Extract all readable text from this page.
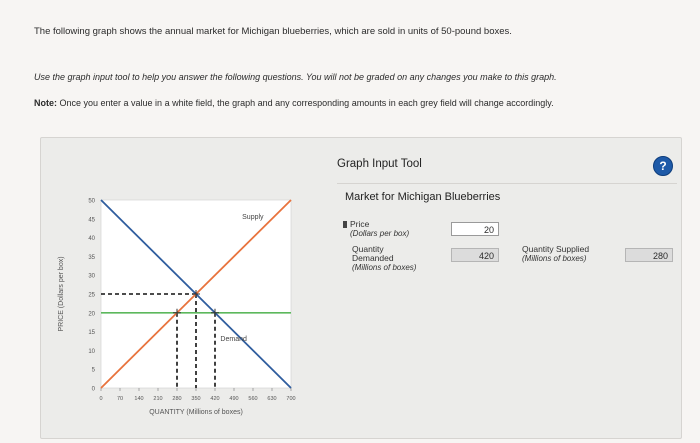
The following graph shows the annual market for Michigan blueberries, which are sold in units of 50-pound boxes.
Use the graph input tool to help you answer the following questions. You will not be graded on any changes you make to this graph.
Note: Once you enter a value in a white field, the graph and any corresponding amounts in each grey field will change accordingly.
0
5
10
15
20
25
30
35
40
45
50
0	70 140 210 280 350 420 490 560 630 700
QUANTITY (Millions of boxes)
PRICE (Dollars per box)
Supply
Demand
Graph Input Tool	?
Market for Michigan Blueberries
Price
(Dollars per box)	20
Quantity
Demanded
(Millions of boxes)
420
Quantity Supplied
(Millions of boxes)	280
